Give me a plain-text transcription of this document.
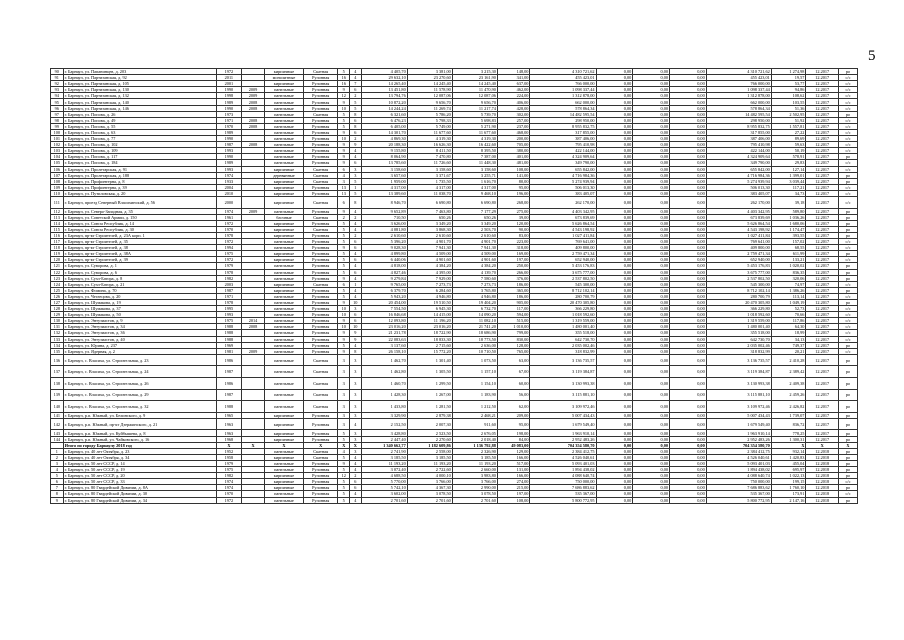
5
90	г. Барнаул, ул. Папанинцев, д. 203	1972		кирпичные	Скатная	5	4	4 405,70	3 381,00	3 215,30	148,00	4 310 721,62	0,00	0,00	0,00	4 310 721,62	1 274,98	12.2017	ро
91	г. Барнаул, ул. Партизанская, д. 92	2011		монолитные	Рулонная	16	4	29 632,10	23 270,60	23 161,90	341,00	455 423,01	0,00	0,00	0,00	455 423,01	19,57	12.2017	с/с
92	г. Барнаул, ул. Партизанская, д. 105	2001		кирпичные	Рулонная	16	7	14 265,40	14 245,40	14 245,40	637,00	766 000,00	0,00	0,00	0,00	766 000,00	53,77	12.2017	с/с
93	г. Барнаул, ул. Партизанская, д. 130	1990	2009	панельные	Рулонная	9	6	13 451,80	11 578,90	11 470,90	462,00	1 098 337,44	0,00	0,00	0,00	1 098 337,44	94,86	12.2017	с/с
94	г. Барнаул, ул. Партизанская, д. 132	1998	2009	панельные	Рулонная	12	2	13 794,76	12 087,06	12 087,06	224,00	1 312 878,00	0,00	0,00	0,00	1 312 878,00	108,62	12.2017	с/с
95	г. Барнаул, ул. Партизанская, д. 140	1989	2008	панельные	Рулонная	9	5	10 872,20	9 656,70	9 656,70	406,00	662 000,00	0,00	0,00	0,00	662 000,00	103,55	12.2017	с/с
96	г. Барнаул, ул. Партизанская, д. 146	1990	2008	панельные	Рулонная	10	5	14 244,24	11 269,74	11 217,74	428,00	578 864,34	0,00	0,00	0,00	578 864,34	51,36	12.2017	с/с
97	г. Барнаул, ул. Попова, д. 26	1973		панельные	Скатная	5	8	6 321,60	5 786,20	5 739,70	302,00	14 482 595,54	0,00	0,00	0,00	14 482 595,54	2 502,95	12.2017	ро
98	г. Барнаул, ул. Попова, д. 49	1971	2008	панельные	Рулонная	5	6	6 476,23	5 798,33	5 698,83	257,00	298 950,00	0,00	0,00	0,00	298 950,00	51,92	12.2017	с/с
99	г. Барнаул, ул. Попова, д. 55	1970	2008	панельные	Рулонная	5	8	6 405,00	5 749,00	5 271,90	237,00	8 955 832,75	0,00	0,00	0,00	8 955 832,75	1 557,81	12.2017	с/с
100	г. Барнаул, ул. Попова, д. 63	1989		панельные	Рулонная	9	6	14 301,70	11 677,60	11 677,60	468,00	317 855,00	0,00	0,00	0,00	317 855,00	27,22	12.2017	с/с
101	г. Барнаул, ул. Попова, д. 77	1990		панельные	Рулонная	10	2	4 869,30	4 319,30	4 319,30	200,00	387 406,00	0,00	0,00	0,00	387 406,00	89,69	12.2017	с/с
102	г. Барнаул, ул. Попова, д. 102	1987	2008	панельные	Рулонная	9	9	20 188,30	16 626,30	16 422,60	705,00	795 410,98	0,00	0,00	0,00	795 410,98	59,63	12.2017	с/с
103	г. Барнаул, ул. Попова, д. 109	1993		панельные	Рулонная	9	4	9 155,80	8 411,50	8 395,50	380,00	422 144,00	0,00	0,00	0,00	422 144,00	50,19	12.2017	с/с
104	г. Барнаул, ул. Попова, д. 117	1990		панельные	Рулонная	9	4	8 064,90	7 470,80	7 387,00	401,00	4 324 909,64	0,00	0,00	0,00	4 324 909,64	578,91	12.2017	ро
105	г. Барнаул, ул. Попова, д. 184	1989		панельные	Рулонная	9	6	13 785,60	11 726,60	11 448,30	481,00	349 790,00	0,00	0,00	0,00	349 790,00	29,83	12.2017	с/с
106	г. Барнаул, ул. Пролетарская, д. 91	1993		кирпичные	Скатная	6	3	3 158,60	3 158,60	3 158,60	108,00	655 842,00	0,00	0,00	0,00	655 842,00	127,14	12.2017	с/с
107	г. Барнаул, ул. Пролетарская, д. 188	1974		деревянные	Скатная	4	3	3 657,60	3 371,67	3 255,71	141,00	4 716 984,36	0,00	0,00	0,00	4 716 984,36	1 399,01	12.2017	ро
108	г. Барнаул, ул. Профинтерна, д. 8	1933		кирпичные	Скатная	3	5	1 959,00	1 735,50	1 616,70	80,00	5 274 939,94	0,00	0,00	0,00	5 274 939,94	3 039,44	12.2017	ро
109	г. Барнаул, ул. Профинтерна, д. 39	2004		кирпичные	Рулонная	13	1	4 317,00	4 317,00	4 317,00	95,00	506 013,30	0,00	0,00	0,00	506 013,30	117,21	12.2017	с/с
110	г. Барнаул, ул. Путиловская, д. 20	2010		кирпичные	Рулонная	13	5	13 389,60	11 038,70	9 468,10	196,00	383 405,07	0,00	0,00	0,00	383 405,07	34,73	12.2017	с/с
111	г. Барнаул, проезд Северный Власихинский, д. 56	2000		кирпичные	Скатная	6	8	8 946,70	6 690,80	6 690,80	268,00	262 170,00	0,00	0,00	0,00	262 170,00	39,18	12.2017	с/с
112	г. Барнаул, ул. Северо-Западная, д. 35	1974	2009	панельные	Рулонная	9	4	9 652,89	7 463,80	7 177,29	275,00	4 403 342,95	0,00	0,00	0,00	4 403 342,95	589,80	12.2017	ро
113	г. Барнаул, ул. Советской Армии, д. 150	1961		блочные	Скатная	2	2	710,50	650,26	650,26	39,00	673 839,69	0,00	0,00	0,00	673 839,69	1 036,26	12.2017	ро
114	г. Барнаул, ул. Союза Республик, д. 14	1972		кирпичные	Рулонная	5	4	3 626,00	3 349,20	3 349,20	120,00	5 626 864,54	0,00	0,00	0,00	5 626 864,54	1 680,06	12.2017	ро
115	г. Барнаул, ул. Союза Республик, д. 30	1970		кирпичные	Скатная	5	4	4 081,80	3 868,30	2 503,70	90,00	4 543 198,92	0,00	0,00	0,00	4 543 198,92	1 174,47	12.2017	ро
116	г. Барнаул, пр-кт Строителей, д. 23А корп. 1	1978		кирпичные	Рулонная	5	2	2 610,60	2 610,60	2 610,60	83,00	1 027 411,84	0,00	0,00	0,00	1 027 411,84	393,55	12.2017	ро
117	г. Барнаул, пр-кт Строителей, д. 35	1972		панельные	Рулонная	5	6	5 396,20	4 901,70	4 901,70	223,00	769 641,00	0,00	0,00	0,00	769 641,00	157,02	12.2017	с/с
118	г. Барнаул, пр-кт Строителей, д. 38	1994		панельные	Рулонная	9	6	9 028,30	7 941,30	7 941,30	318,00	409 800,00	0,00	0,00	0,00	409 800,00	68,55	12.2017	с/с
119	г. Барнаул, пр-кт Строителей, д. 38А	1975		кирпичные	Рулонная	5	4	4 899,80	4 509,00	4 509,00	169,00	2 759 471,34	0,00	0,00	0,00	2 759 471,34	611,99	12.2017	ро
120	г. Барнаул, пр-кт Строителей, д. 39	1972		кирпичные	Рулонная	5	6	6 440,06	4 901,60	4 901,60	197,00	652 940,00	0,00	0,00	0,00	652 940,00	133,21	12.2017	с/с
121	г. Барнаул, ул. Суворова, д. 1	1979		панельные	Рулонная	5	4	4 818,00	4 384,20	4 384,20	250,00	5 453 176,83	0,00	0,00	0,00	5 453 176,83	1 020,02	12.2017	ро
122	г. Барнаул, ул. Суворова, д. 6	1978		панельные	Рулонная	5	6	4 827,46	4 395,00	4 139,70	266,00	3 675 777,00	0,00	0,00	0,00	3 675 777,00	836,35	12.2017	ро
123	г. Барнаул, ул. Сухэ-Батора, д. 8	1982		панельные	Рулонная	9	4	9 279,84	7 929,00	7 580,60	376,00	2 537 802,50	0,00	0,00	0,00	2 537 802,50	320,06	12.2017	ро
124	г. Барнаул, ул. Сухэ-Батора, д. 21	2003		кирпичные	Скатная	6	1	9 765,00	7 273,73	7 273,73	186,00	545 300,00	0,00	0,00	0,00	545 300,00	74,97	12.2017	с/с
125	г. Барнаул, ул. Фомина, д. 70	1987		кирпичные	Рулонная	5	4	6 379,70	6 284,60	3 765,80	365,00	8 712 102,14	0,00	0,00	0,00	8 712 102,14	1 386,26	12.2017	ро
126	г. Барнаул, ул. Чеглецова, д. 20	1971		панельные	Рулонная	5	4	5 943,20	4 946,80	4 946,80	186,00	280 700,79	0,00	0,00	0,00	280 700,79	113,14	12.2017	с/с
127	г. Барнаул, ул. Шумакова, д. 19	1978		панельные	Рулонная	9	10	20 454,00	19 510,50	19 404,20	905,00	20 470 305,80	0,00	0,00	0,00	20 470 305,80	1 049,19	12.2017	ро
128	г. Барнаул, ул. Шумакова, д. 37	1995		панельные	Рулонная	10	3	7 554,50	6 945,30	6 732,70	117,00	366 229,80	0,00	0,00	0,00	366 229,80	52,73	12.2017	с/с
129	г. Барнаул, ул. Шумакова, д. 50	1993		панельные	Рулонная	10	6	16 846,68	14 415,00	14 090,20	594,00	1 018 592,60	0,00	0,00	0,00	1 018 592,60	70,66	12.2017	с/с
130	г. Барнаул, ул. Энтузиастов, д. 9	1975	2014	панельные	Рулонная	9	6	12 093,80	11 196,20	11 082,10	515,00	1 319 559,00	0,00	0,00	0,00	1 319 559,00	117,86	12.2017	с/с
131	г. Барнаул, ул. Энтузиастов, д. 34	1988	2008	панельные	Рулонная	10	10	23 016,20	23 016,20	21 741,20	1 010,00	1 480 001,40	0,00	0,00	0,00	1 480 001,40	64,30	12.2017	с/с
132	г. Барнаул, ул. Энтузиастов, д. 36	1988		панельные	Рулонная	9	9	21 231,78	18 722,90	18 686,90	799,00	355 518,00	0,00	0,00	0,00	355 518,00	18,99	12.2017	с/с
133	г. Барнаул, ул. Энтузиастов, д. 40	1988		панельные	Рулонная	9	9	22 083,63	18 833,30	18 773,50	830,00	642 730,70	0,00	0,00	0,00	642 730,70	34,13	12.2017	с/с
134	г. Барнаул, ул. Юрина, д. 237	1969		панельные	Рулонная	5	4	3 137,60	2 715,60	2 636,00	128,00	2 035 002,46	0,00	0,00	0,00	2 035 002,46	749,37	12.2017	ро
135	г. Барнаул, ул. Ядерная, д. 2	1981	2009	панельные	Рулонная	9	8	26 158,10	15 772,20	10 710,50	765,00	318 832,99	0,00	0,00	0,00	318 832,99	20,21	12.2017	с/с
136	г. Барнаул, с. Власиха, ул. Строительная, д. 23	1986		панельные	Скатная	3	3	1 462,70	1 301,40	1 073,50	63,00	3 136 735,57	0,00	0,00	0,00	3 136 735,57	2 410,28	12.2017	ро
137	г. Барнаул, с. Власиха, ул. Строительная, д. 24	1987		панельные	Скатная	3	3	1 462,80	1 305,50	1 157,10	67,00	3 119 384,87	0,00	0,00	0,00	3 119 384,87	2 389,42	12.2017	ро
138	г. Барнаул, с. Власиха, ул. Строительная, д. 26	1986		панельные	Скатная	3	3	1 460,70	1 299,50	1 154,10	60,00	3 130 993,38	0,00	0,00	0,00	3 130 993,38	2 409,38	12.2017	ро
139	г. Барнаул, с. Власиха, ул. Строительная, д. 29	1987		панельные	Скатная	3	3	1 428,30	1 267,00	1 183,90	56,00	3 115 881,10	0,00	0,00	0,00	3 115 881,10	2 459,26	12.2017	ро
140	г. Барнаул, с. Власиха, ул. Строительная, д. 32	1988		панельные	Скатная	3	3	1 433,80	1 281,50	1 212,50	62,00	3 109 972,46	0,00	0,00	0,00	3 109 972,46	2 426,82	12.2017	ро
141	г. Барнаул, р.п. Южный, ул. Белинского, д. 9	1965		кирпичные	Рулонная	3	3	3 329,90	2 879,38	2 468,21	209,00	5 007 434,43	0,00	0,00	0,00	5 007 434,43	1 739,07	12.2017	ро
142	г. Барнаул, р.п. Южный, пр-кт Дзержинского, д. 21	1963		кирпичные	Рулонная	3	4	2 152,50	2 007,30	911,60	95,00	1 679 549,40	0,00	0,00	0,00	1 679 549,40	836,72	12.2017	ро
143	г. Барнаул, р.п. Южный, ул. Куйбышева, д. 8	1963		кирпичные	Рулонная	5	3	3 428,80	2 523,50	2 676,05	198,00	1 963 910,14	0,00	0,00	0,00	1 963 910,14	778,25	12.2017	ро
144	г. Барнаул, р.п. Южный, ул. Чайковского, д. 16	1968		кирпичные	Рулонная	5	3	2 447,40	2 270,60	2 018,40	84,00	2 952 483,26	0,00	0,00	0,00	2 952 483,26	1 300,31	12.2017	ро
	Итого по городу Барнаулу 2018 год	X	X	X	X	X	X	1 340 662,77	1 182 609,86	1 136 792,88	49 083,00	704 354 580,70	0,00	0,00	0,00	704 354 580,70	X	X	X
1	г. Барнаул, ул. 40 лет Октября, д. 23	1952		панельные	Скатная	4	3	2 741,90	2 558,00	2 326,90	129,00	2 384 412,75	0,00	0,00	0,00	2 384 412,75	932,14	12.2018	ро
2	г. Барнаул, ул. 40 лет Октября, д. 34	1958		кирпичные	Скатная	5	4	3 185,50	3 185,50	3 185,50	166,00	4 526 040,61	0,00	0,00	0,00	4 526 040,61	1 420,83	12.2018	ро
3	г. Барнаул, ул. 50 лет СССР, д. 14	1979		панельные	Рулонная	9	4	11 193,20	11 193,20	11 193,20	517,00	5 093 401,03	0,00	0,00	0,00	5 093 401,03	455,04	12.2018	ро
4	г. Барнаул, ул. 50 лет СССР, д. 19	1975		панельные	Рулонная	5	4	3 072,40	2 722,60	2 660,00	131,00	1 894 438,02	0,00	0,00	0,00	1 894 438,02	695,97	12.2018	ро
5	г. Барнаул, ул. 50 лет СССР, д. 20	1982		кирпичные	Рулонная	12	2	4 688,50	4 000,10	3 983,80	166,00	4 088 640,74	0,00	0,00	0,00	4 088 640,74	1 022,13	12.2018	ро
6	г. Барнаул, ул. 50 лет СССР, д. 33	1974		кирпичные	Рулонная	5	6	5 770,00	3 766,00	3 766,00	274,00	750 000,00	0,00	0,00	0,00	750 000,00	199,15	12.2018	с/с
7	г. Барнаул, ул. 80 Гвардейской Дивизии, д. 8А	1974		кирпичные	Рулонная	5	6	5 742,10	4 367,30	2 990,00	215,00	7 686 883,62	0,00	0,00	0,00	7 686 883,62	1 760,10	12.2018	ро
8	г. Барнаул, ул. 80 Гвардейской Дивизии, д. 30	1970		панельные	Рулонная	5	4	3 602,00	3 078,50	3 078,50	197,00	535 367,00	0,00	0,00	0,00	535 367,00	173,91	12.2018	с/с
9	г. Барнаул, ул. 80 Гвардейской Дивизии, д. 34	1972		панельные	Рулонная	5	4	2 701,60	2 701,60	2 701,60	108,00	5 800 772,95	0,00	0,00	0,00	5 800 772,95	2 147,16	12.2018	ро
